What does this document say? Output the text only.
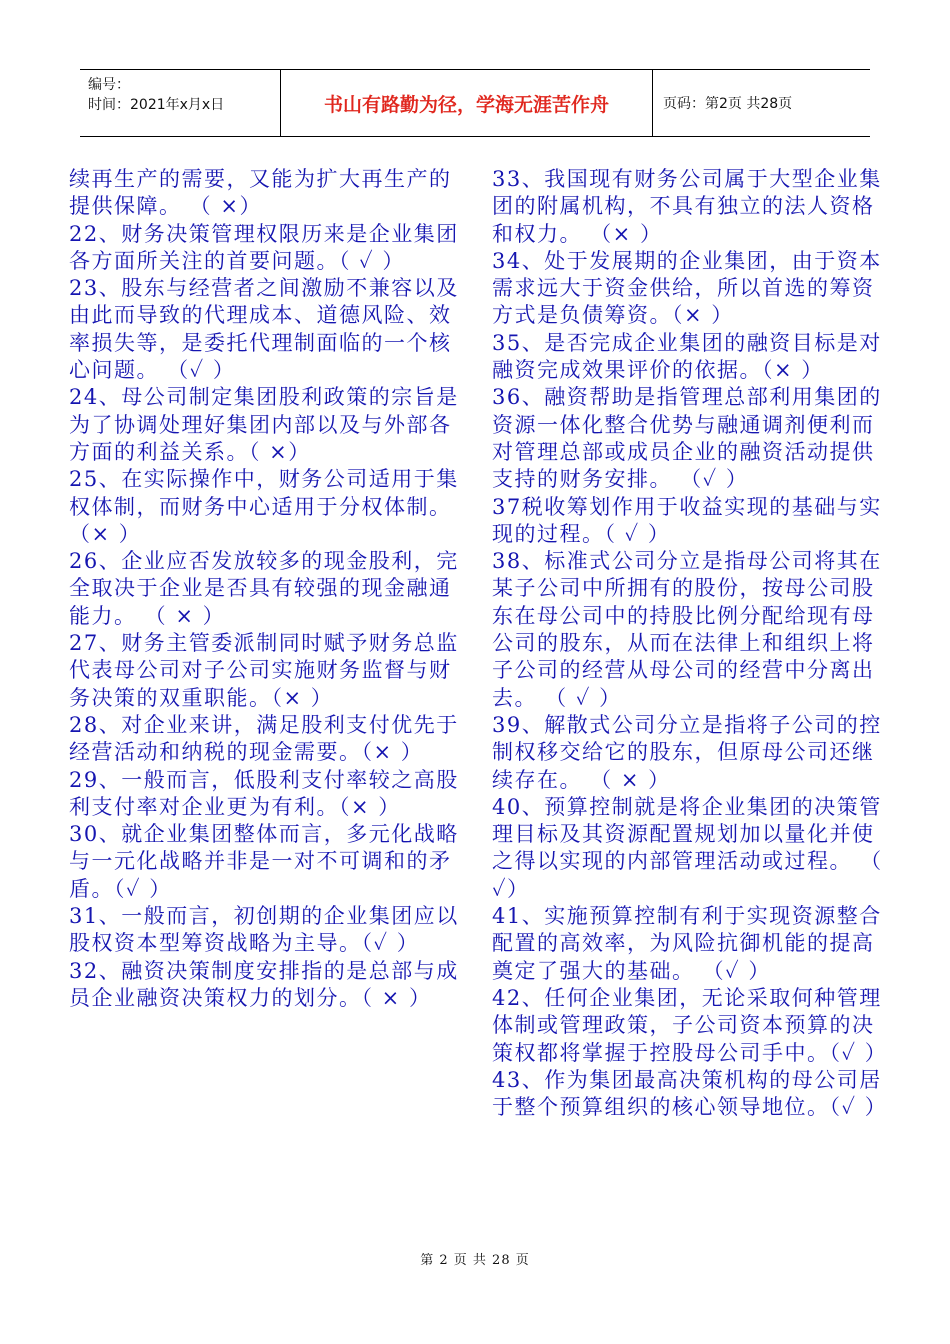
编号：
时间：2021年x月x日	书山有路勤为径，学海无涯苦作舟	页码：第2页 共28页

续再生产的需要，又能为扩大再生产的提供保障。 （ ×）

22、财务决策管理权限历来是企业集团各方面所关注的首要问题。（ ✓ ）

23、股东与经营者之间激励不兼容以及由此而导致的代理成本、道德风险、效率损失等，是委托代理制面临的一个核心问题。 （✓ ）

24、母公司制定集团股利政策的宗旨是为了协调处理好集团内部以及与外部各方面的利益关系。（ ×）

25、在实际操作中，财务公司适用于集权体制，而财务中心适用于分权体制。（× ）

26、企业应否发放较多的现金股利，完全取决于企业是否具有较强的现金融通能力。 （ × ）

27、财务主管委派制同时赋予财务总监代表母公司对子公司实施财务监督与财务决策的双重职能。（× ）

28、对企业来讲，满足股利支付优先于经营活动和纳税的现金需要。（× ）

29、一般而言，低股利支付率较之高股利支付率对企业更为有利。（× ）

30、就企业集团整体而言，多元化战略与一元化战略并非是一对不可调和的矛盾。（✓ ）

31、一般而言，初创期的企业集团应以股权资本型筹资战略为主导。（✓ ）

32、融资决策制度安排指的是总部与成员企业融资决策权力的划分。（ × ）

33、我国现有财务公司属于大型企业集团的附属机构，不具有独立的法人资格和权力。 （× ）

34、处于发展期的企业集团，由于资本需求远大于资金供给，所以首选的筹资方式是负债筹资。（× ）

35、是否完成企业集团的融资目标是对融资完成效果评价的依据。（× ）

36、融资帮助是指管理总部利用集团的资源一体化整合优势与融通调剂便利而对管理总部或成员企业的融资活动提供支持的财务安排。 （✓ ）

37税收筹划作用于收益实现的基础与实现的过程。（ ✓ ）

38、标准式公司分立是指母公司将其在某子公司中所拥有的股份，按母公司股东在母公司中的持股比例分配给现有母公司的股东，从而在法律上和组织上将子公司的经营从母公司的经营中分离出去。 （ ✓ ）

39、解散式公司分立是指将子公司的控制权移交给它的股东，但原母公司还继续存在。 （ × ）

40、预算控制就是将企业集团的决策管理目标及其资源配置规划加以量化并使之得以实现的内部管理活动或过程。 （ ✓）

41、实施预算控制有利于实现资源整合配置的高效率，为风险抗御机能的提高奠定了强大的基础。 （✓ ）

42、任何企业集团，无论采取何种管理体制或管理政策，子公司资本预算的决策权都将掌握于控股母公司手中。（✓ ）

43、作为集团最高决策机构的母公司居于整个预算组织的核心领导地位。（✓ ）

第 2 页 共 28 页
